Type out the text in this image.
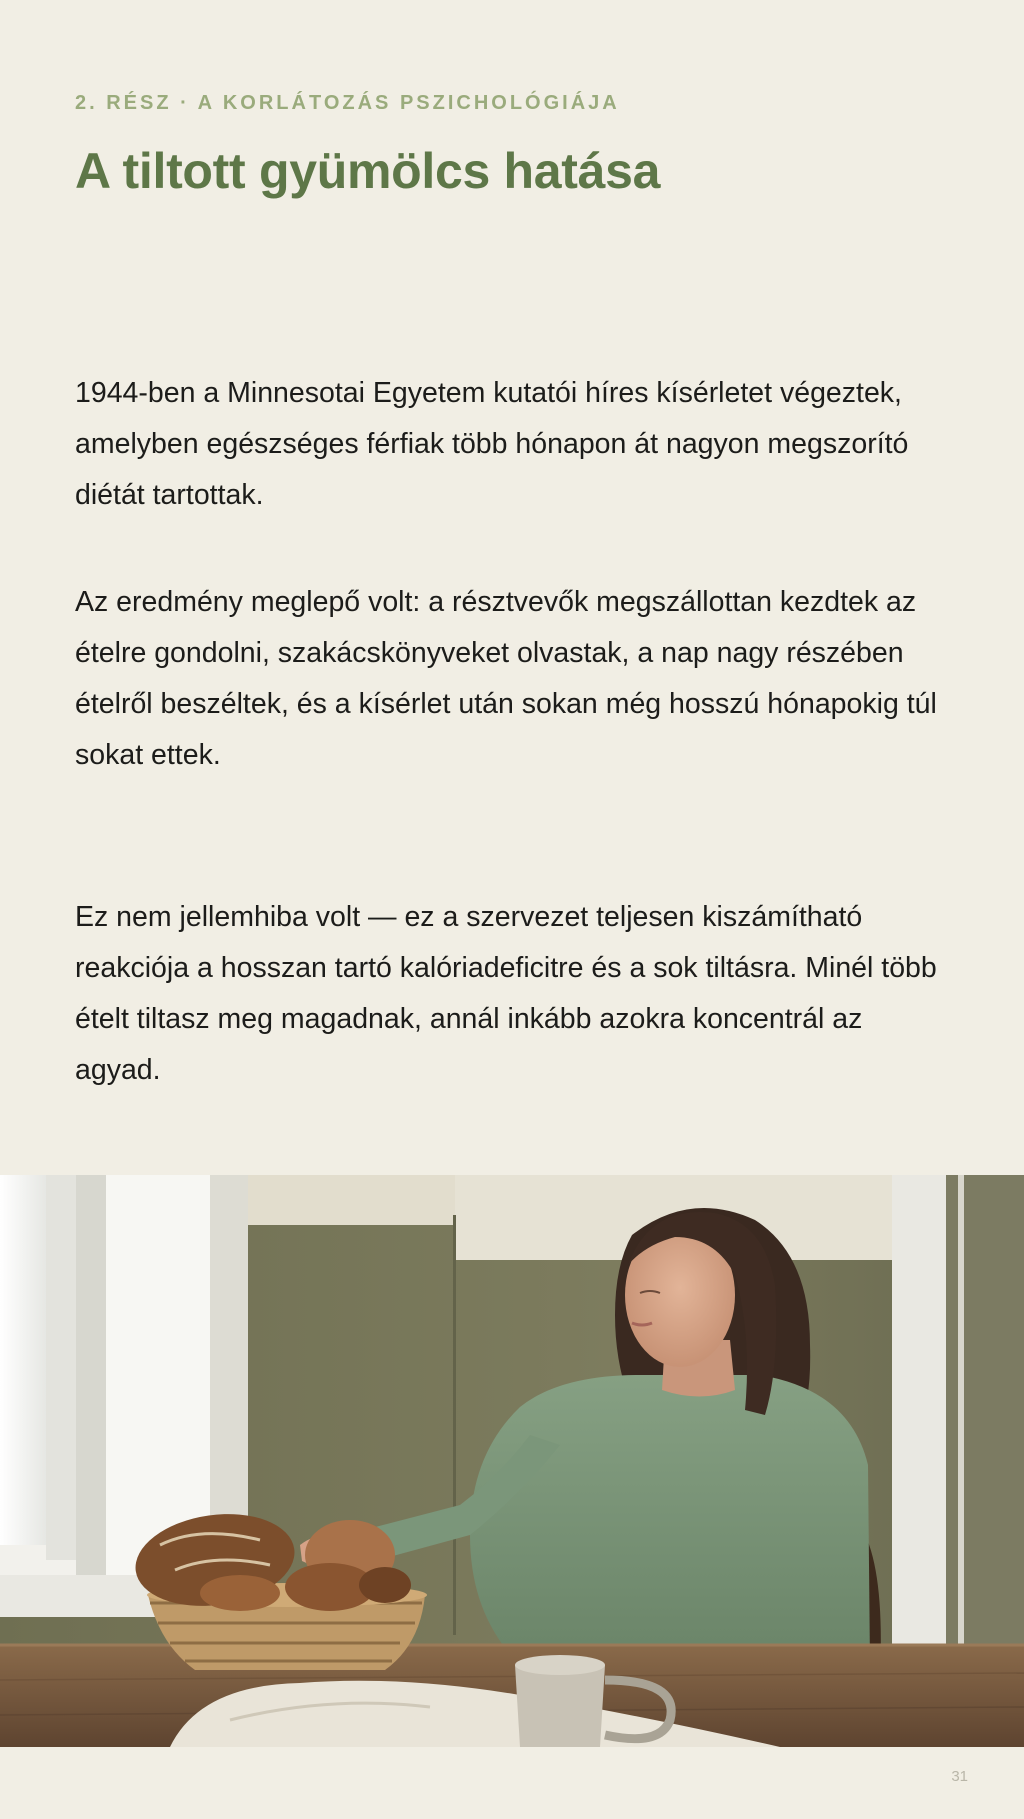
2. RÉSZ · A KORLÁTOZÁS PSZICHOLÓGIÁJA
A tiltott gyümölcs hatása

1944-ben a Minnesotai Egyetem kutatói híres kísérletet végeztek, amelyben egészséges férfiak több hónapon át nagyon megszorító diétát tartottak.

Az eredmény meglepő volt: a résztvevők megszállottan kezdtek az ételre gondolni, szakácskönyveket olvastak, a nap nagy részében ételről beszéltek, és a kísérlet után sokan még hosszú hónapokig túl sokat ettek.

Ez nem jellemhiba volt — ez a szervezet teljesen kiszámítható reakciója a hosszan tartó kalóriadeficitre és a sok tiltásra. Minél több ételt tiltasz meg magadnak, annál inkább azokra koncentrál az agyad.

31
